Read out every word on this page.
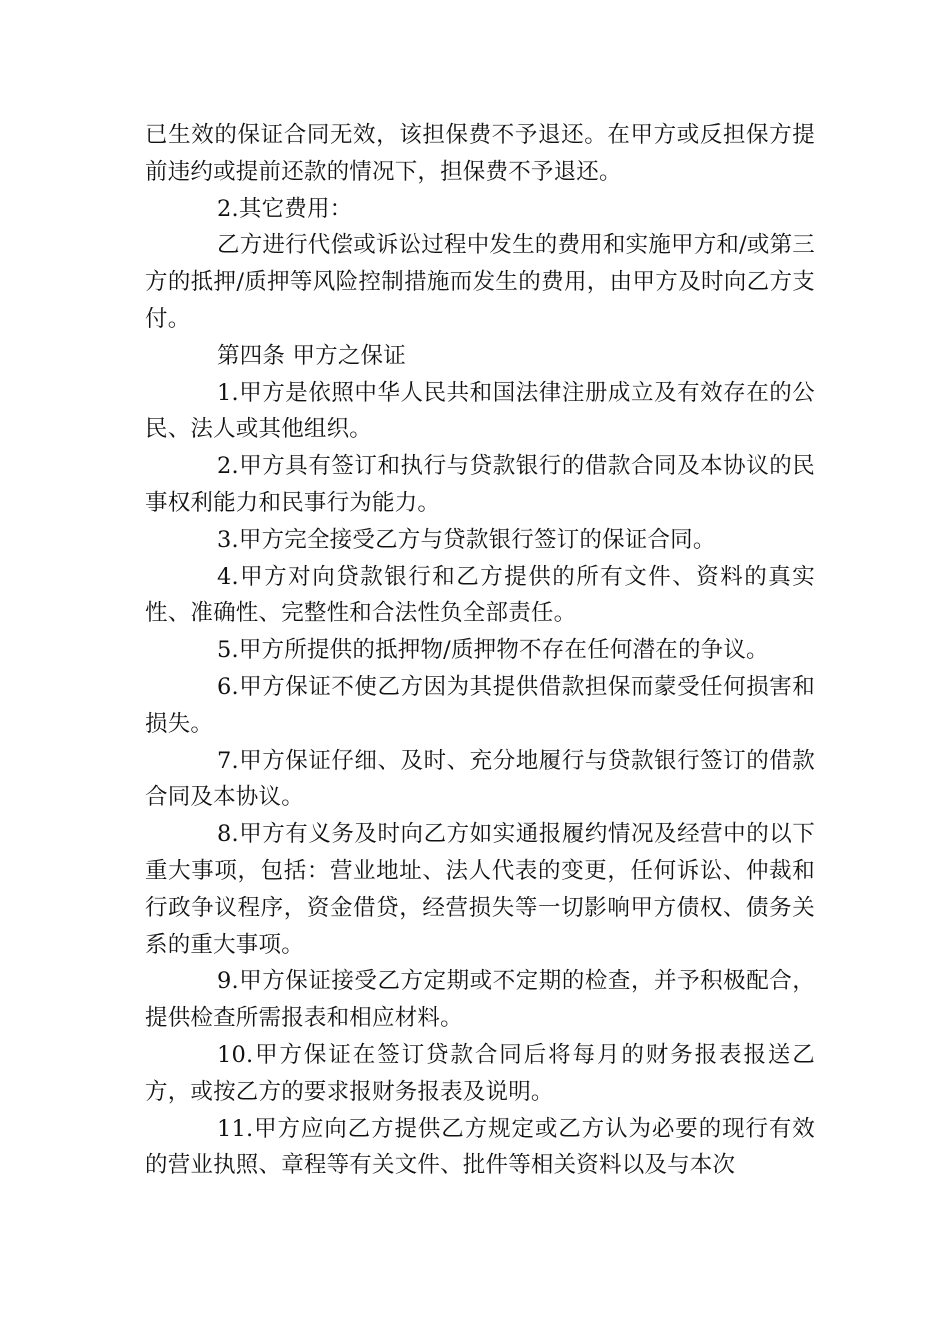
已生效的保证合同无效，该担保费不予退还。在甲方或反担保方提前违约或提前还款的情况下，担保费不予退还。

2.其它费用：

乙方进行代偿或诉讼过程中发生的费用和实施甲方和/或第三方的抵押/质押等风险控制措施而发生的费用，由甲方及时向乙方支付。

第四条 甲方之保证

1.甲方是依照中华人民共和国法律注册成立及有效存在的公民、法人或其他组织。

2.甲方具有签订和执行与贷款银行的借款合同及本协议的民事权利能力和民事行为能力。

3.甲方完全接受乙方与贷款银行签订的保证合同。

4.甲方对向贷款银行和乙方提供的所有文件、资料的真实性、准确性、完整性和合法性负全部责任。

5.甲方所提供的抵押物/质押物不存在任何潜在的争议。

6.甲方保证不使乙方因为其提供借款担保而蒙受任何损害和损失。

7.甲方保证仔细、及时、充分地履行与贷款银行签订的借款合同及本协议。

8.甲方有义务及时向乙方如实通报履约情况及经营中的以下重大事项，包括：营业地址、法人代表的变更，任何诉讼、仲裁和行政争议程序，资金借贷，经营损失等一切影响甲方债权、债务关系的重大事项。

9.甲方保证接受乙方定期或不定期的检查，并予积极配合，提供检查所需报表和相应材料。

10.甲方保证在签订贷款合同后将每月的财务报表报送乙方，或按乙方的要求报财务报表及说明。

11.甲方应向乙方提供乙方规定或乙方认为必要的现行有效的营业执照、章程等有关文件、批件等相关资料以及与本次
